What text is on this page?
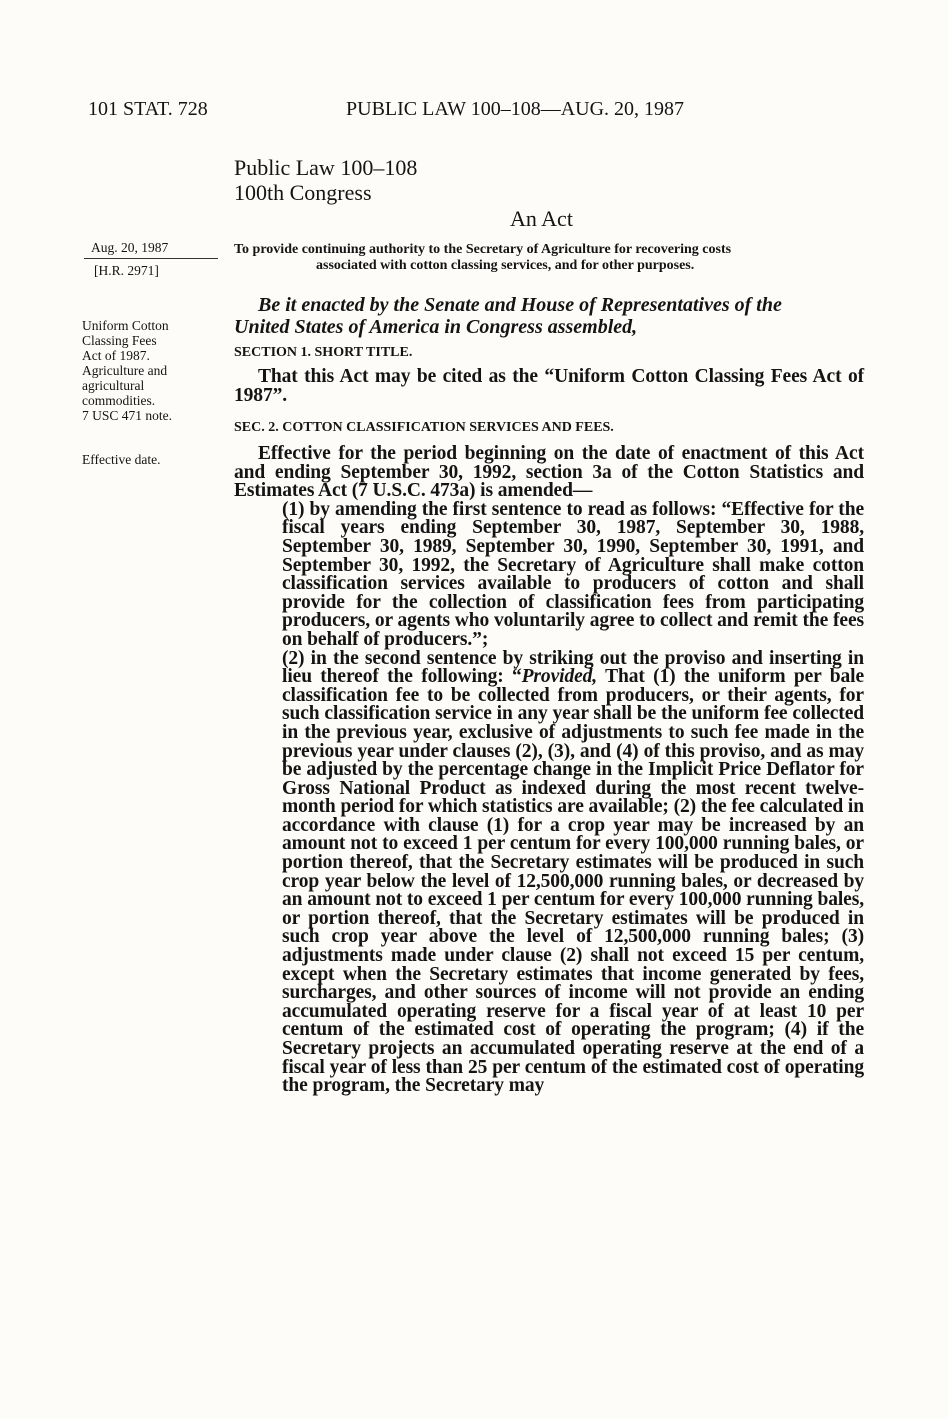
101 STAT. 728	PUBLIC LAW 100–108—AUG. 20, 1987
Public Law 100–108
100th Congress
An Act
Aug. 20, 1987
[H.R. 2971]
Uniform Cotton
Classing Fees
Act of 1987.
Agriculture and
agricultural
commodities.
7 USC 471 note.
Effective date.
To provide continuing authority to the Secretary of Agriculture for recovering costs
associated with cotton classing services, and for other purposes.
Be it enacted by the Senate and House of Representatives of the
United States of America in Congress assembled,
SECTION 1. SHORT TITLE.

That this Act may be cited as the “Uniform Cotton Classing Fees Act of 1987”.

SEC. 2. COTTON CLASSIFICATION SERVICES AND FEES.

Effective for the period beginning on the date of enactment of this Act and ending September 30, 1992, section 3a of the Cotton Statistics and Estimates Act (7 U.S.C. 473a) is amended—

(1) by amending the first sentence to read as follows: “Effective for the fiscal years ending September 30, 1987, September 30, 1988, September 30, 1989, September 30, 1990, September 30, 1991, and September 30, 1992, the Secretary of Agriculture shall make cotton classification services available to producers of cotton and shall provide for the collection of classification fees from participating producers, or agents who voluntarily agree to collect and remit the fees on behalf of producers.”;

(2) in the second sentence by striking out the proviso and inserting in lieu thereof the following: “Provided, That (1) the uniform per bale classification fee to be collected from producers, or their agents, for such classification service in any year shall be the uniform fee collected in the previous year, exclusive of adjustments to such fee made in the previous year under clauses (2), (3), and (4) of this proviso, and as may be adjusted by the percentage change in the Implicit Price Deflator for Gross National Product as indexed during the most recent twelve-month period for which statistics are available; (2) the fee calculated in accordance with clause (1) for a crop year may be increased by an amount not to exceed 1 per centum for every 100,000 running bales, or portion thereof, that the Secretary estimates will be produced in such crop year below the level of 12,500,000 running bales, or decreased by an amount not to exceed 1 per centum for every 100,000 running bales, or portion thereof, that the Secretary estimates will be produced in such crop year above the level of 12,500,000 running bales; (3) adjustments made under clause (2) shall not exceed 15 per centum, except when the Secretary estimates that income generated by fees, surcharges, and other sources of income will not provide an ending accumulated operating reserve for a fiscal year of at least 10 per centum of the estimated cost of operating the program; (4) if the Secretary projects an accumulated operating reserve at the end of a fiscal year of less than 25 per centum of the estimated cost of operating the program, the Secretary may
